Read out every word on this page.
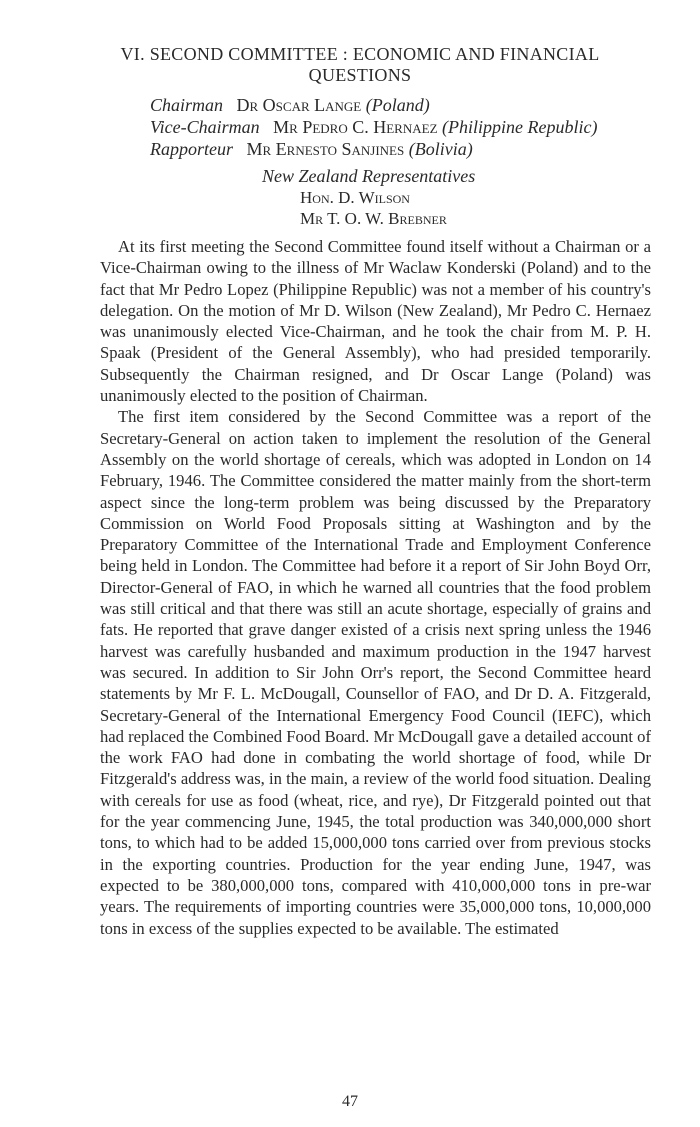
VI. SECOND COMMITTEE : ECONOMIC AND FINANCIAL
QUESTIONS
Chairman Dr Oscar Lange (Poland)
Vice-Chairman Mr Pedro C. Hernaez (Philippine Republic)
Rapporteur Mr Ernesto Sanjines (Bolivia)
New Zealand Representatives
Hon. D. Wilson
Mr T. O. W. Brebner

At its first meeting the Second Committee found itself without a Chairman or a Vice-Chairman owing to the illness of Mr Waclaw Konderski (Poland) and to the fact that Mr Pedro Lopez (Philippine Republic) was not a member of his country's delegation. On the motion of Mr D. Wilson (New Zealand), Mr Pedro C. Hernaez was unanimously elected Vice-Chairman, and he took the chair from M. P. H. Spaak (President of the General Assembly), who had presided temporarily. Subsequently the Chairman resigned, and Dr Oscar Lange (Poland) was unanimously elected to the position of Chairman.

The first item considered by the Second Committee was a report of the Secretary-General on action taken to implement the resolution of the General Assembly on the world shortage of cereals, which was adopted in London on 14 February, 1946. The Committee considered the matter mainly from the short-term aspect since the long-term problem was being discussed by the Preparatory Commission on World Food Proposals sitting at Washington and by the Preparatory Committee of the International Trade and Employment Conference being held in London. The Committee had before it a report of Sir John Boyd Orr, Director-General of FAO, in which he warned all countries that the food problem was still critical and that there was still an acute shortage, especially of grains and fats. He reported that grave danger existed of a crisis next spring unless the 1946 harvest was carefully husbanded and maximum production in the 1947 harvest was secured. In addition to Sir John Orr's report, the Second Committee heard statements by Mr F. L. McDougall, Counsellor of FAO, and Dr D. A. Fitzgerald, Secretary-General of the International Emergency Food Council (IEFC), which had replaced the Combined Food Board. Mr McDougall gave a detailed account of the work FAO had done in combating the world shortage of food, while Dr Fitzgerald's address was, in the main, a review of the world food situation. Dealing with cereals for use as food (wheat, rice, and rye), Dr Fitzgerald pointed out that for the year commencing June, 1945, the total production was 340,000,000 short tons, to which had to be added 15,000,000 tons carried over from previous stocks in the exporting countries. Production for the year ending June, 1947, was expected to be 380,000,000 tons, compared with 410,000,000 tons in pre-war years. The requirements of importing countries were 35,000,000 tons, 10,000,000 tons in excess of the supplies expected to be available. The estimated

47
